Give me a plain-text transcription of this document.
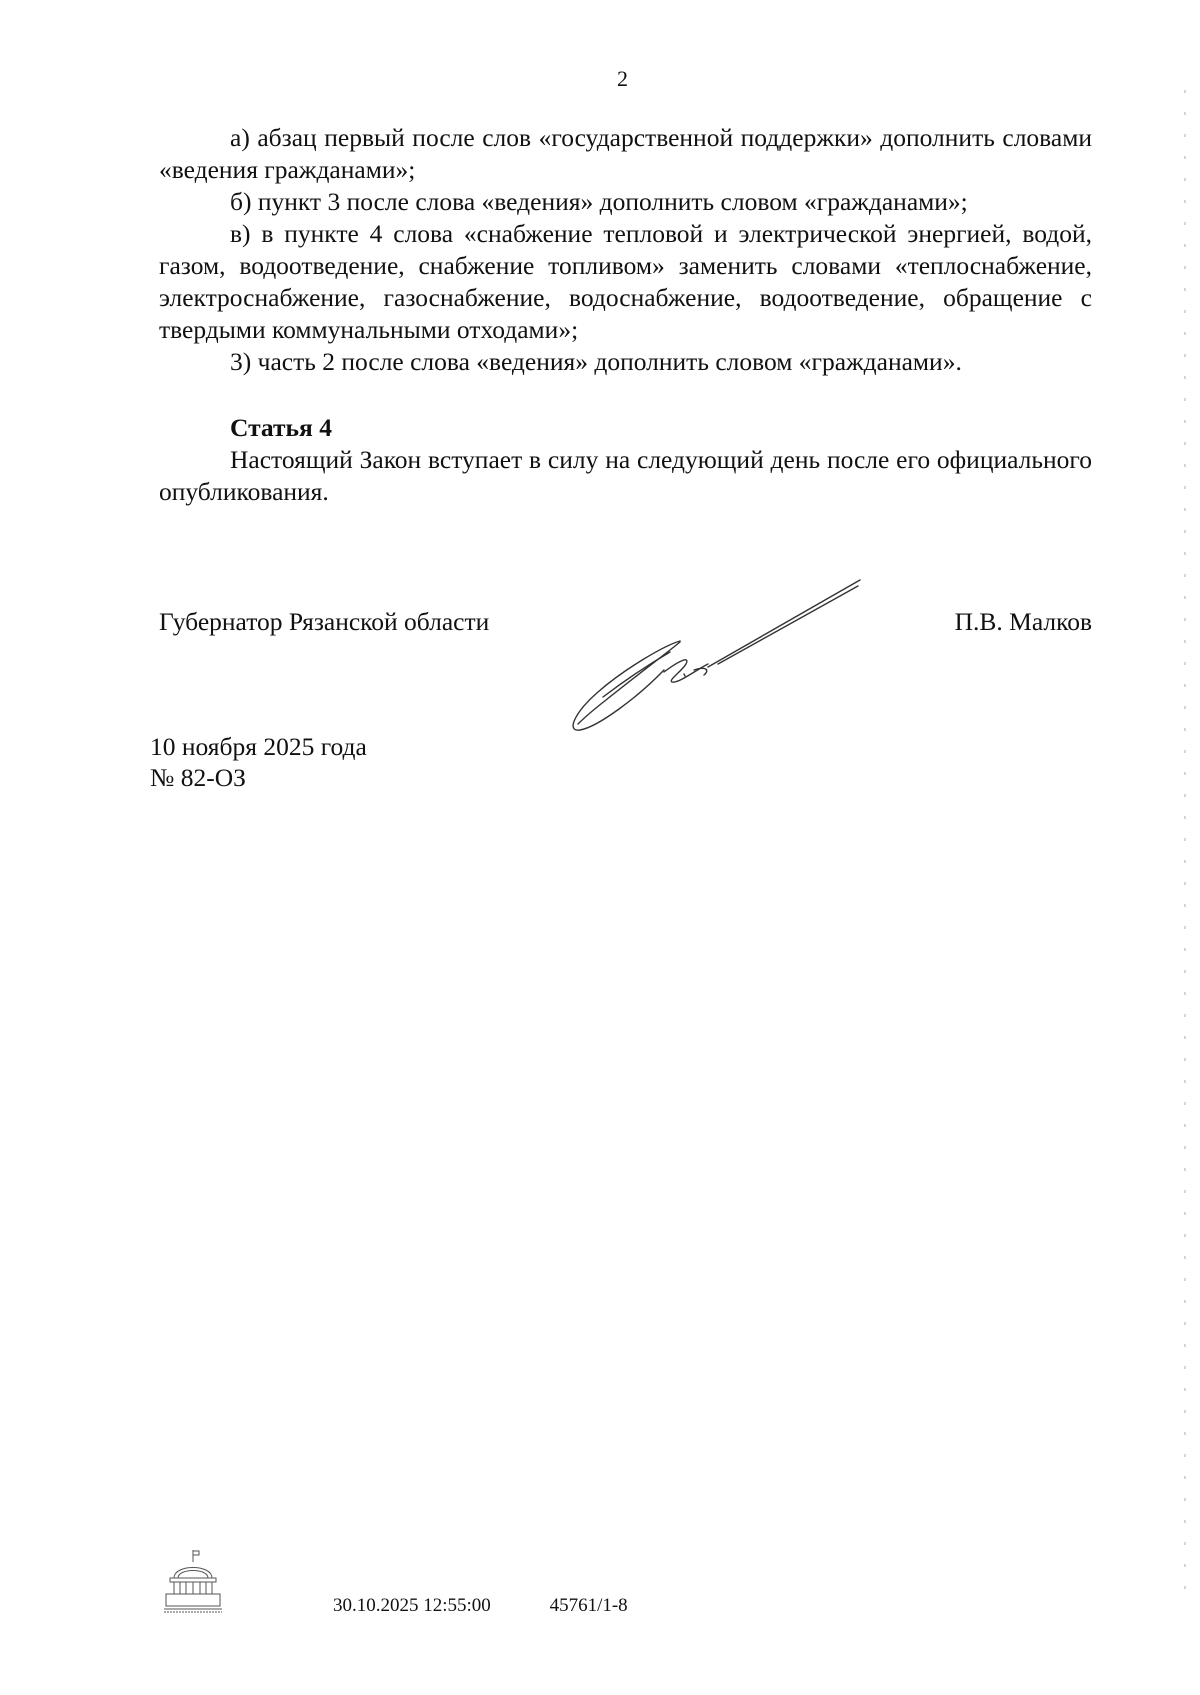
2

а) абзац первый после слов «государственной поддержки» дополнить словами «ведения гражданами»;

б) пункт 3 после слова «ведения» дополнить словом «гражданами»;

в) в пункте 4 слова «снабжение тепловой и электрической энергией, водой, газом, водоотведение, снабжение топливом» заменить словами «теплоснабжение, электроснабжение, газоснабжение, водоснабжение, водоотведение, обращение с твердыми коммунальными отходами»;

3) часть 2 после слова «ведения» дополнить словом «гражданами».

Статья 4

Настоящий Закон вступает в силу на следующий день после его официального опубликования.

Губернатор Рязанской области	П.В. Малков
10 ноября 2025 года
№ 82-ОЗ
30.10.2025 12:55:00	45761/1-8
